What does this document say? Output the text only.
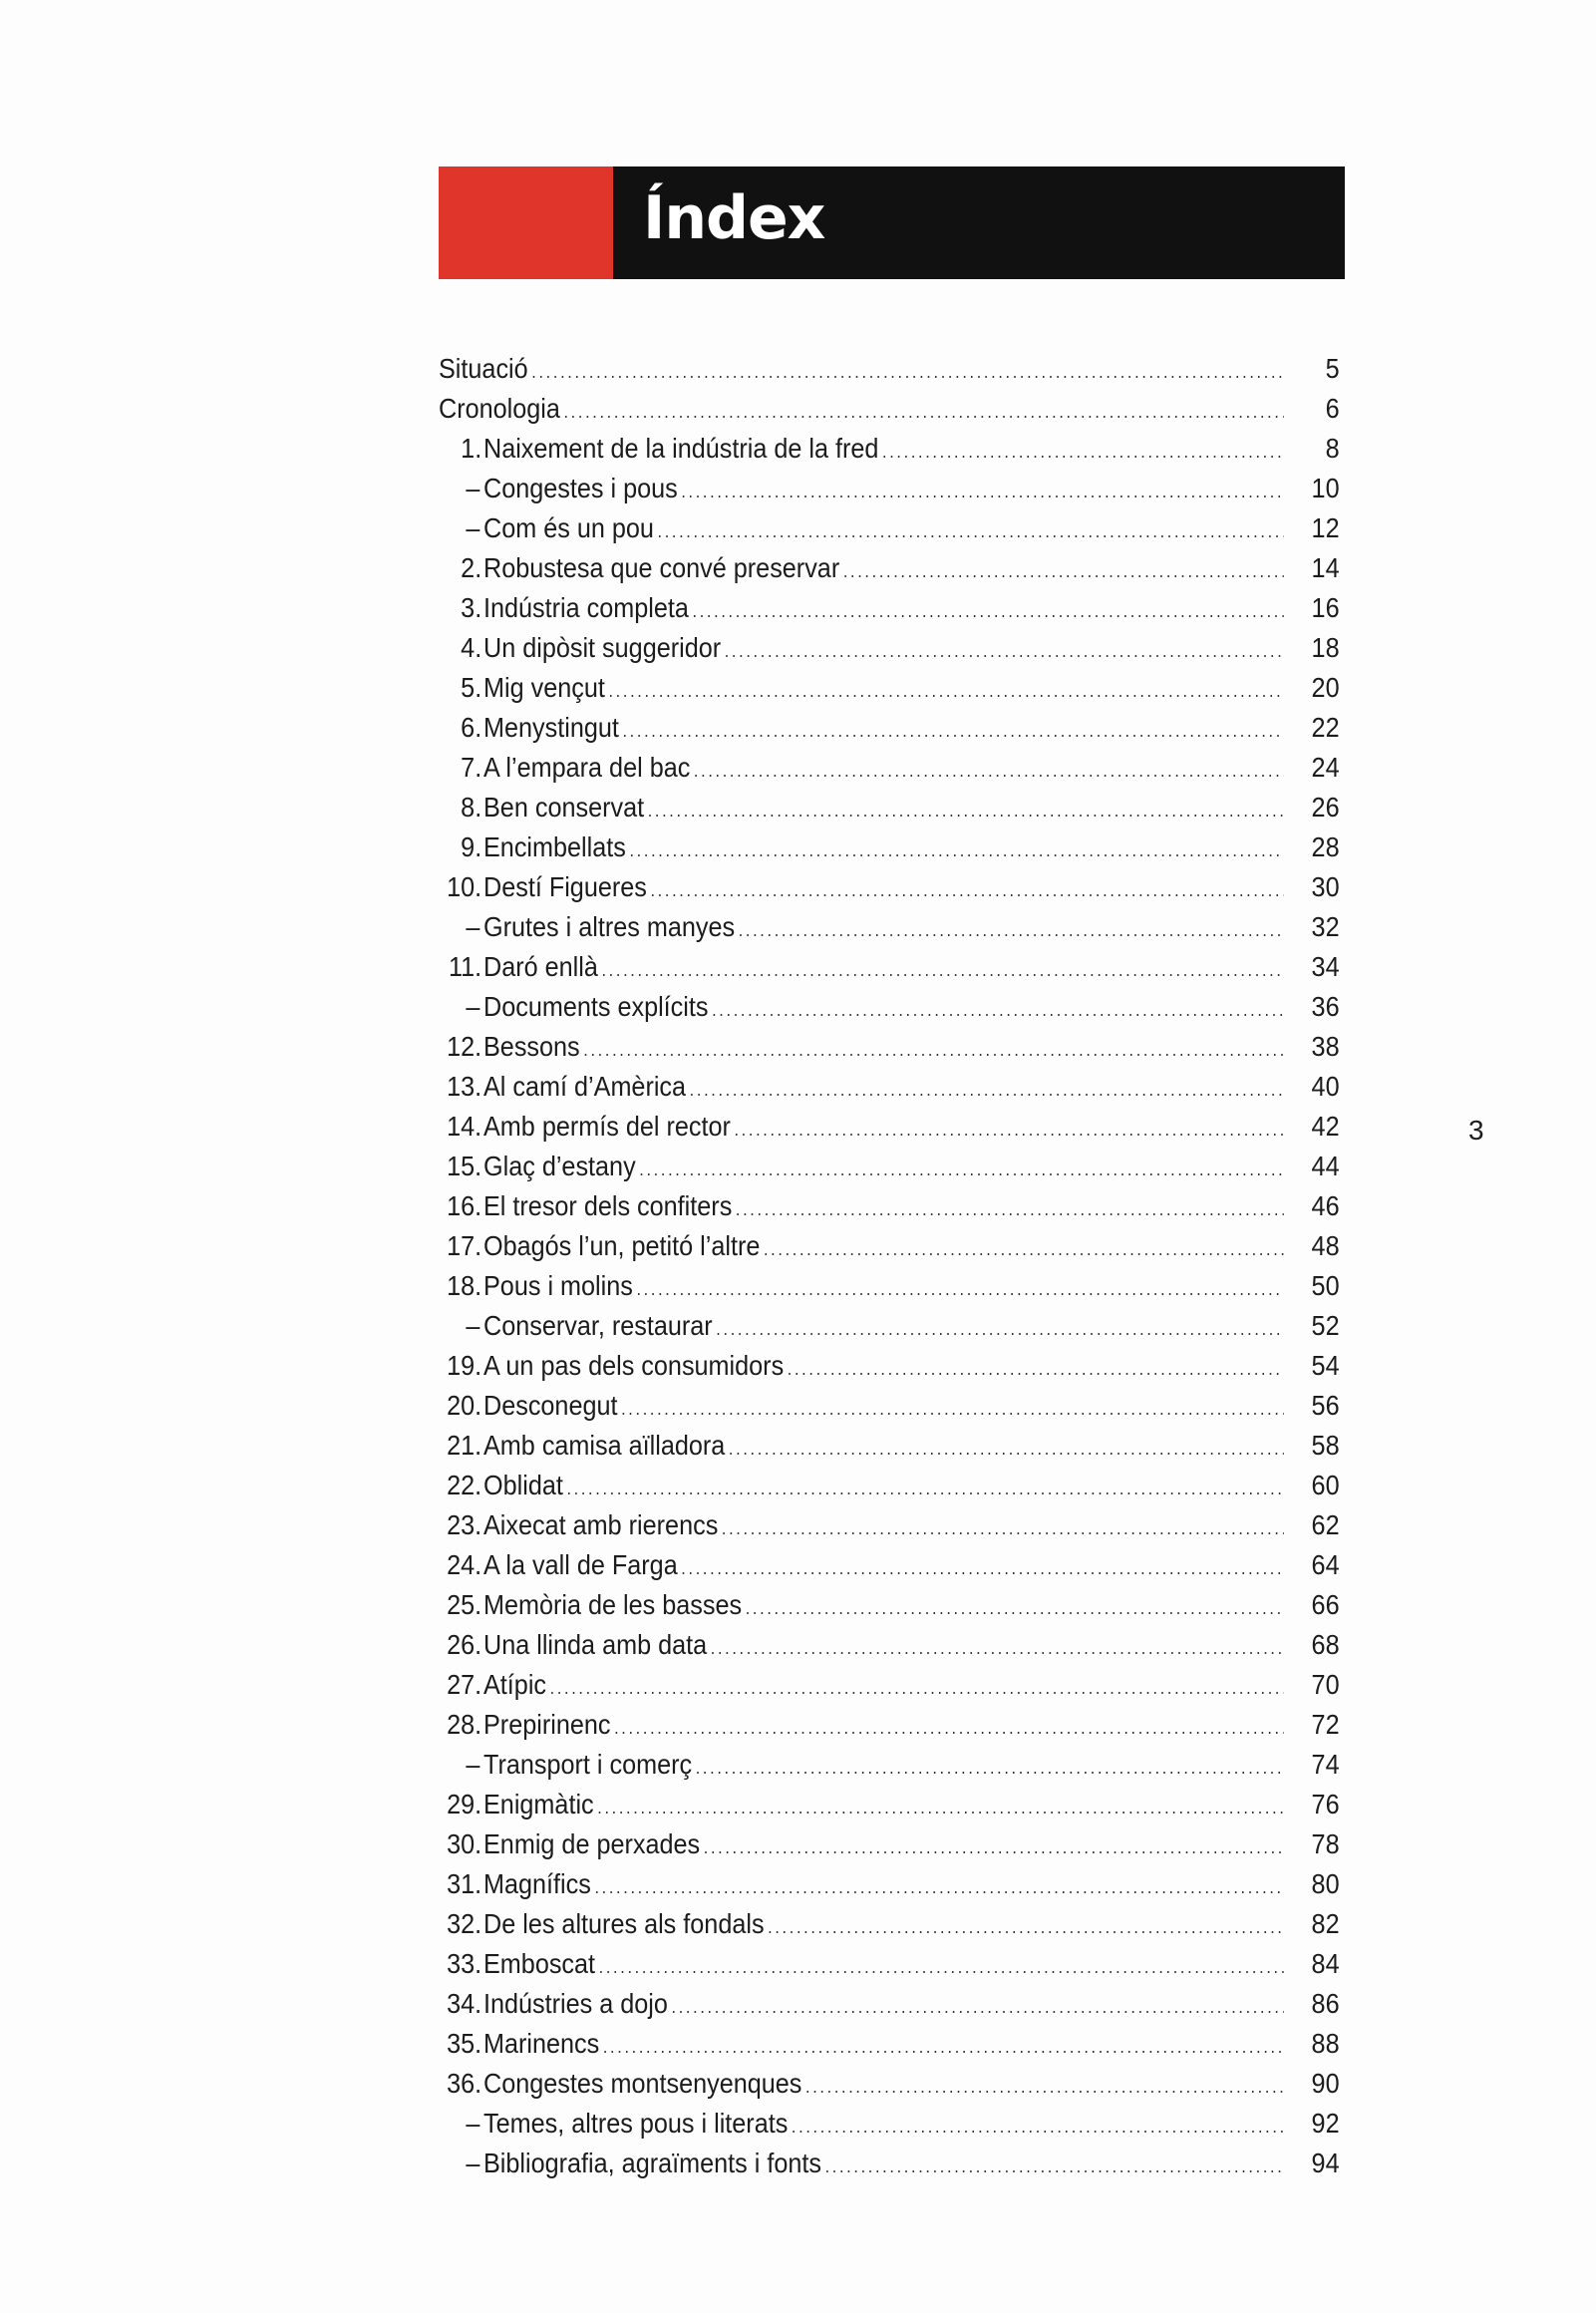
Índex
Situació .....	5
Cronologia .....	6
1. Naixement de la indústria de la fred .....	8
– Congestes i pous .....	10
– Com és un pou .....	12
2. Robustesa que convé preservar .....	14
3. Indústria completa .....	16
4. Un dipòsit suggeridor .....	18
5. Mig vençut .....	20
6. Menystingut .....	22
7. A l’empara del bac .....	24
8. Ben conservat .....	26
9. Encimbellats .....	28
10. Destí Figueres .....	30
– Grutes i altres manyes .....	32
11. Daró enllà .....	34
– Documents explícits .....	36
12. Bessons .....	38
13. Al camí d’Amèrica .....	40
14. Amb permís del rector .....	42
15. Glaç d’estany .....	44
16. El tresor dels confiters .....	46
17. Obagós l’un, petitó l’altre .....	48
18. Pous i molins .....	50
– Conservar, restaurar .....	52
19. A un pas dels consumidors .....	54
20. Desconegut .....	56
21. Amb camisa aïlladora .....	58
22. Oblidat .....	60
23. Aixecat amb rierencs .....	62
24. A la vall de Farga .....	64
25. Memòria de les basses .....	66
26. Una llinda amb data .....	68
27. Atípic .....	70
28. Prepirinenc .....	72
– Transport i comerç .....	74
29. Enigmàtic .....	76
30. Enmig de perxades .....	78
31. Magnífics .....	80
32. De les altures als fondals .....	82
33. Emboscat .....	84
34. Indústries a dojo .....	86
35. Marinencs .....	88
36. Congestes montsenyenques .....	90
– Temes, altres pous i literats .....	92
– Bibliografia, agraïments i fonts .....	94
3
